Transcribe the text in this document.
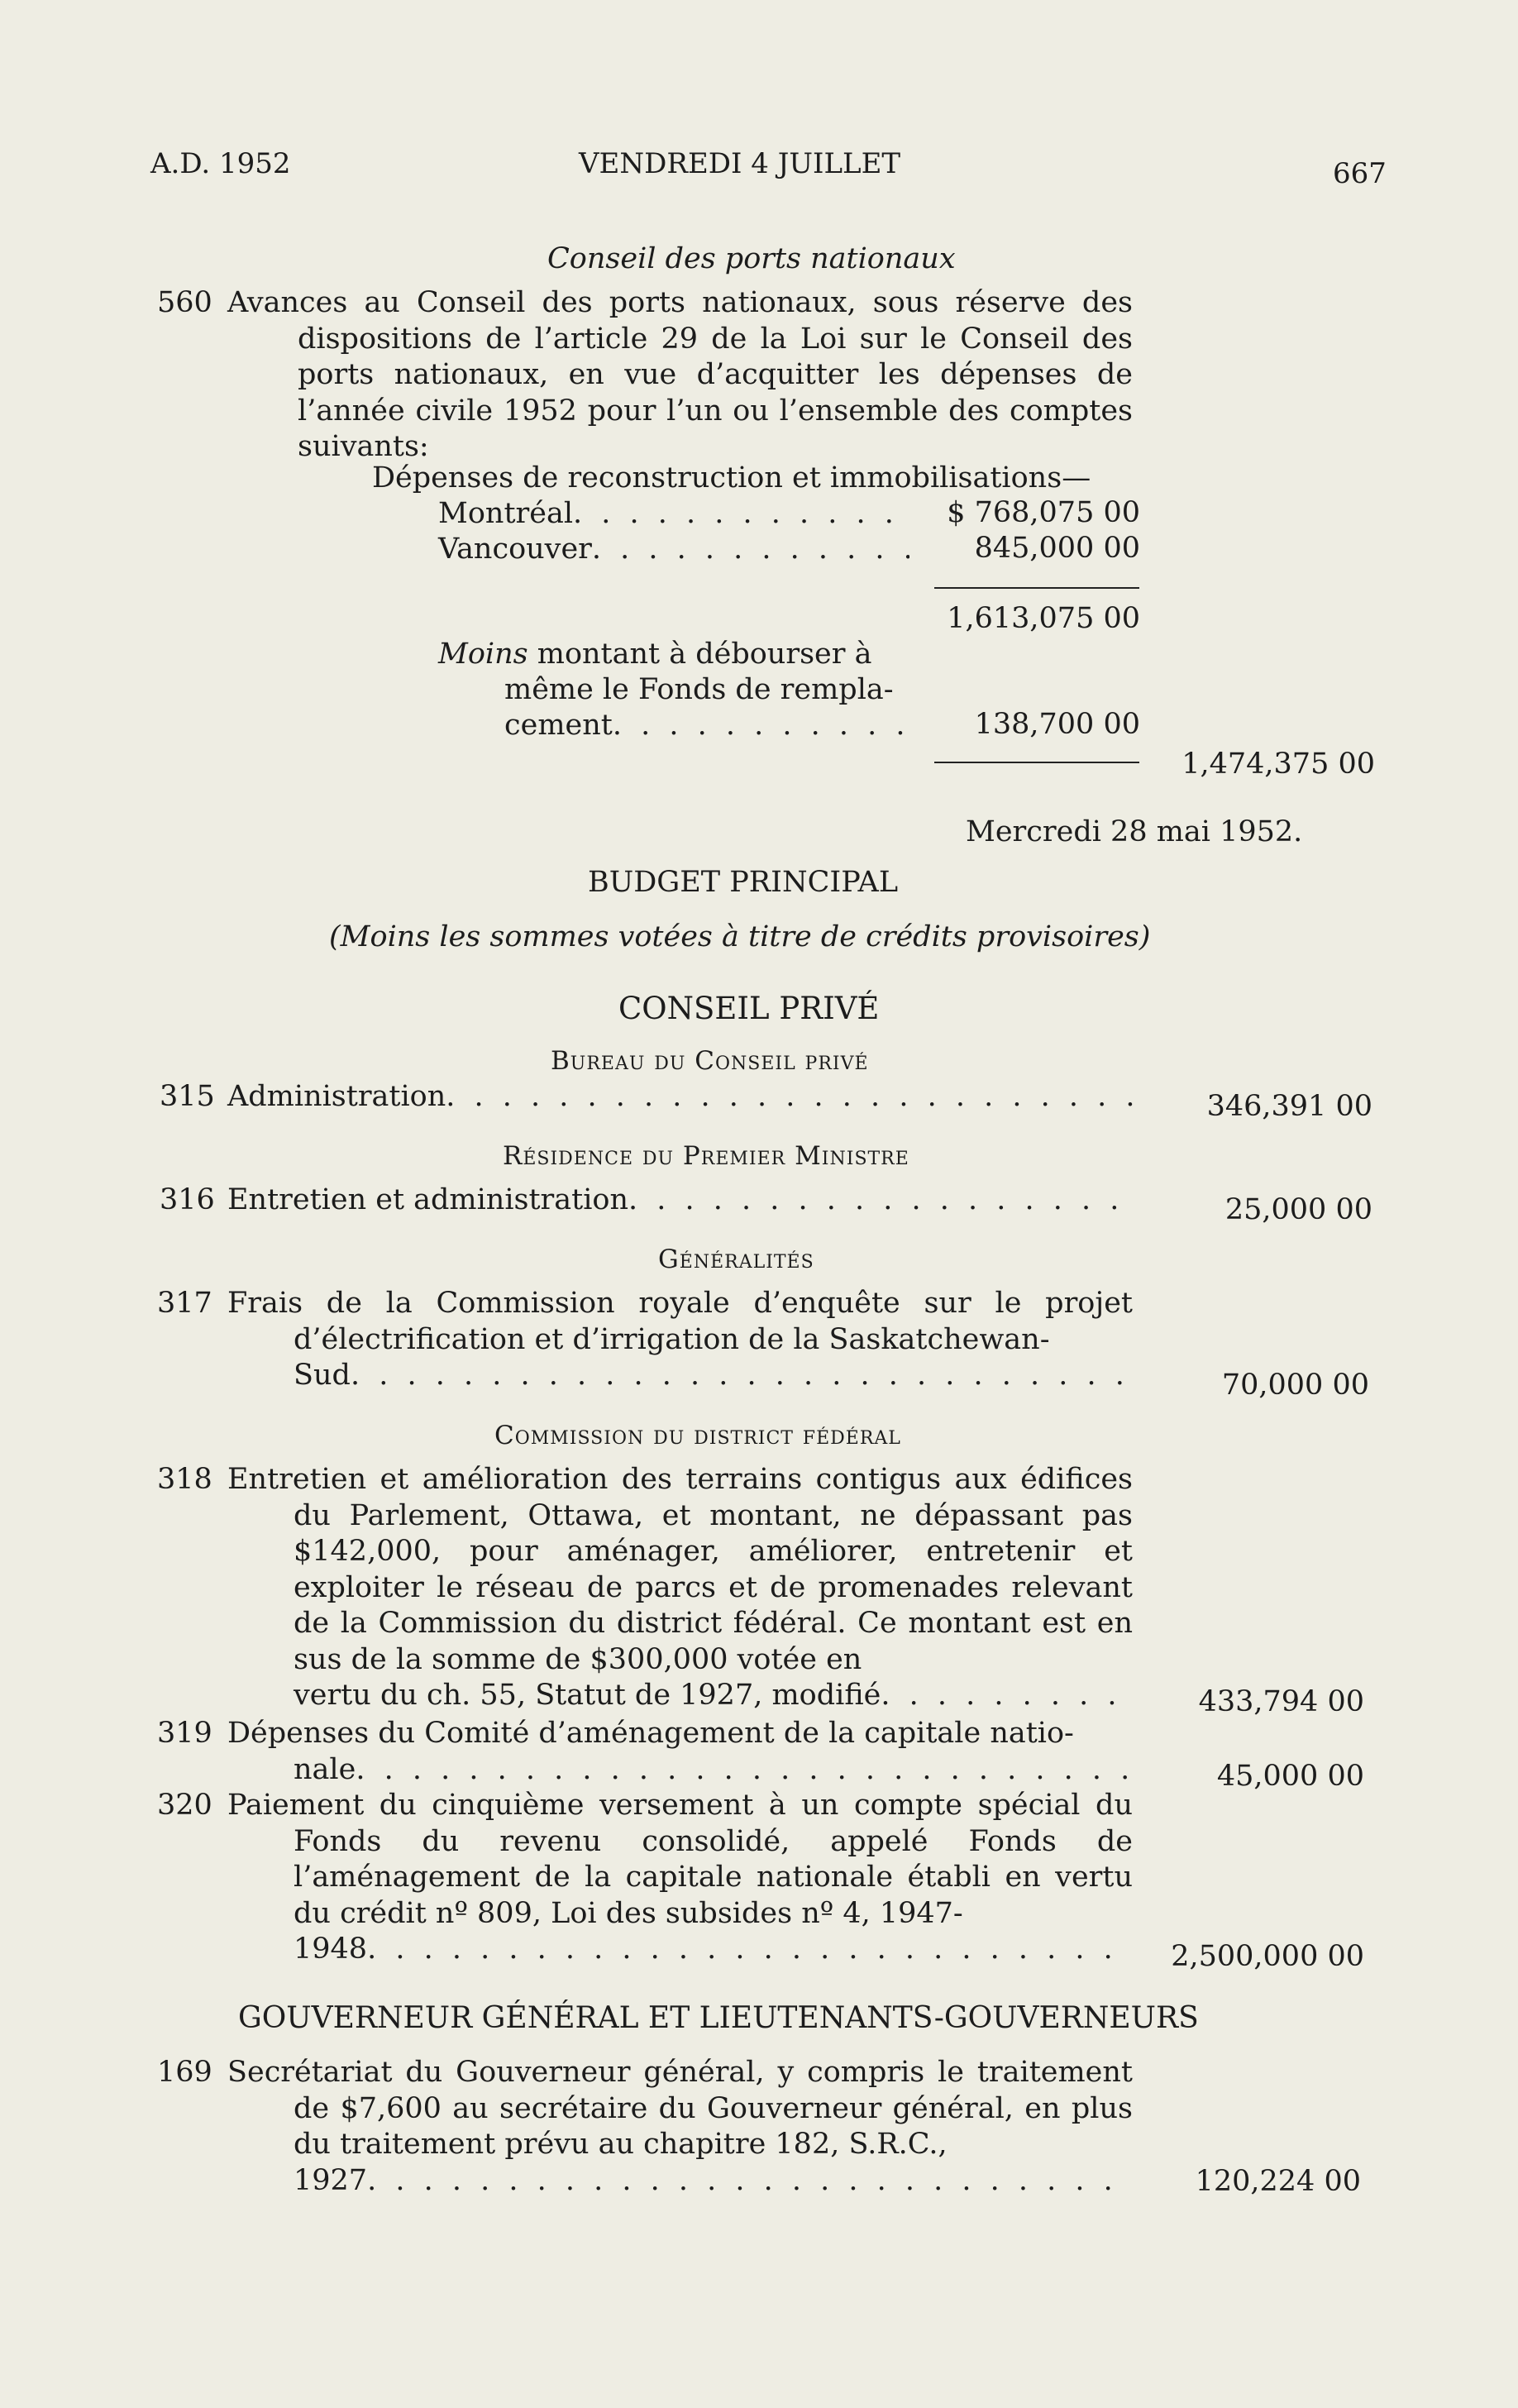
A.D. 1952	VENDREDI 4 JUILLET	667
Conseil des ports nationaux
560 Avances au Conseil des ports nationaux, sous réserve des dispositions de l’article 29 de la Loi sur le Conseil des ports nationaux, en vue d’acquitter les dépenses de l’année civile 1952 pour l’un ou l’ensemble des comptes suivants:
Dépenses de reconstruction et immobilisations—
Montréal . . .	$ 768,075 00
Vancouver . . .	845,000 00
1,613,075 00
Moins montant à débourser à
même le Fonds de rempla-
cement . . .	138,700 00
1,474,375 00
Mercredi 28 mai 1952.
BUDGET PRINCIPAL
(Moins les sommes votées à titre de crédits provisoires)
CONSEIL PRIVÉ
Bureau du Conseil privé
315 Administration . . .	346,391 00
Résidence du Premier Ministre
316 Entretien et administration . . .	25,000 00
Généralités
317 Frais de la Commission royale d’enquête sur le projet d’électrification et d’irrigation de la Saskatchewan-
Sud . . .	70,000 00
Commission du district fédéral
318 Entretien et amélioration des terrains contigus aux édifices du Parlement, Ottawa, et montant, ne dépassant pas $142,000, pour aménager, améliorer, entretenir et exploiter le réseau de parcs et de promenades relevant de la Commission du district fédéral. Ce montant est en sus de la somme de $300,000 votée en
vertu du ch. 55, Statut de 1927, modifié . . .	433,794 00
319 Dépenses du Comité d’aménagement de la capitale natio-
nale . . .	45,000 00
320 Paiement du cinquième versement à un compte spécial du Fonds du revenu consolidé, appelé Fonds de l’aménagement de la capitale nationale établi en vertu du crédit nº 809, Loi des subsides nº 4, 1947-
1948 . . .	2,500,000 00
GOUVERNEUR GÉNÉRAL ET LIEUTENANTS-GOUVERNEURS
169 Secrétariat du Gouverneur général, y compris le traitement de $7,600 au secrétaire du Gouverneur général, en plus du traitement prévu au chapitre 182, S.R.C.,
1927 . . .	120,224 00
